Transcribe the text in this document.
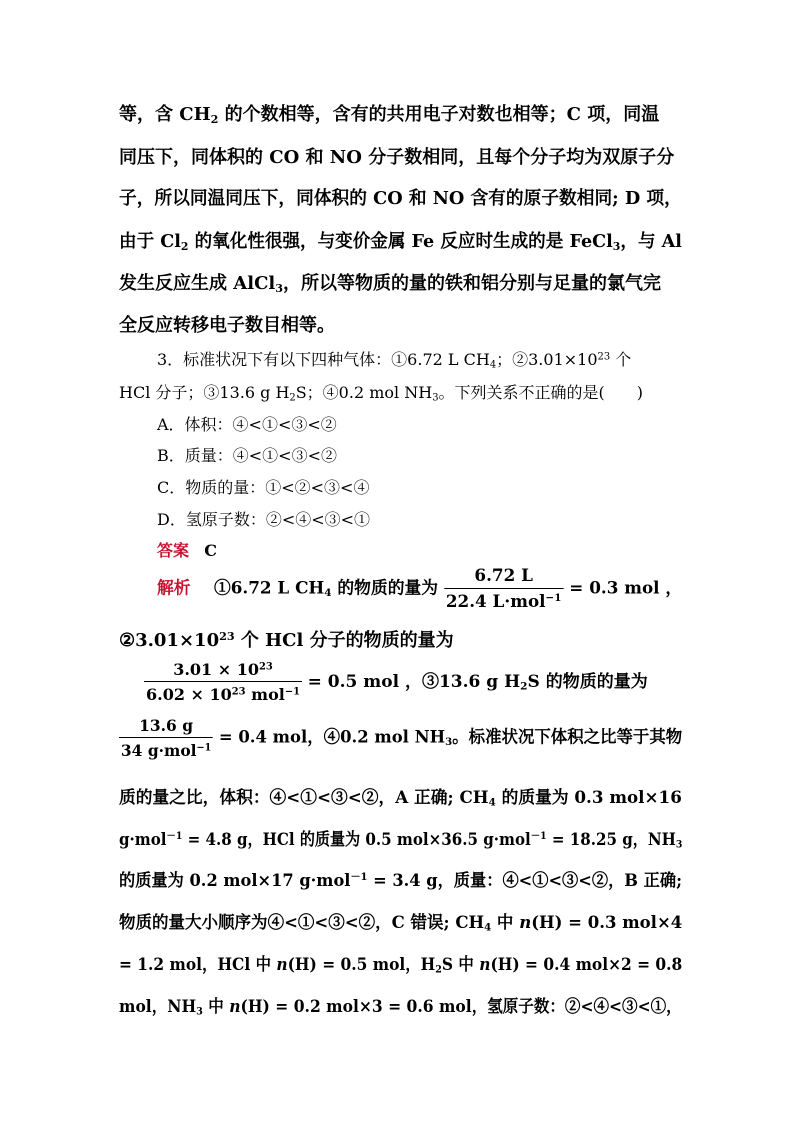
等，含 $CH_2$ 的个数相等，含有的共用电子对数也相等；C 项，同温
同压下，同体积的 CO 和 NO 分子数相同，且每个分子均为双原子分
子，所以同温同压下，同体积的 CO 和 NO 含有的原子数相同; D 项，
由于 $Cl_2$ 的氧化性很强，与变价金属 Fe 反应时生成的是 FeCl$_3$，与 Al
发生反应生成 AlCl$_3$，所以等物质的量的铁和铝分别与足量的氯气完
全反应转移电子数目相等。
3．标准状况下有以下四种气体：①6.72 L $CH_4$；$②3.01\times 10^{23}$ 个
HCl 分子；③13.6 g $H_2S$；④0.2 mol $NH_3$。下列关系不正确的是(　　)
A．体积：④<①<③<②
B．质量：④<①<③<②
C．物质的量：①<②<③<④
D．氢原子数：②<④<③<①
答案 C
解析 ①6.72 L $CH_4$ 的物质的量为 $\frac{6.72 L}{22.4 L\cdot mol^{-1}} = 0.3$ mol ，
$②3.01\times 10^{23}$ 个 HCl 分子的物质的量为
$\frac{3.01 \times 10^{23}}{6.02 \times 10^{23} mol^{-1}} = 0.5$ mol ，③13.6 g $H_2S$ 的物质的量为
$\frac{13.6 g}{34 g\cdot mol^{-1}} = 0.4$ mol，④0.2 mol $NH_3$。标准状况下体积之比等于其物
质的量之比，体积：④<①<③<②，A 正确; $CH_4$ 的质量为 0.3 mol×16
g·mol$^{-1}$ = 4.8 g，HCl 的质量为 0.5 mol×36.5 g·mol$^{-1}$ = 18.25 g，$NH_3$
的质量为 0.2 mol×17 g·mol$^{-1}$ = 3.4 g，质量：④<①<③<②，B 正确;
物质的量大小顺序为④<①<③<②，C 错误; $CH_4$ 中 n(H) = 0.3 mol×4
= 1.2 mol，HCl 中 n(H) = 0.5 mol，$H_2S$ 中 n(H) = 0.4 mol×2 = 0.8
mol，$NH_3$ 中 n(H) = 0.2 mol×3 = 0.6 mol，氢原子数：②<④<③<①，
